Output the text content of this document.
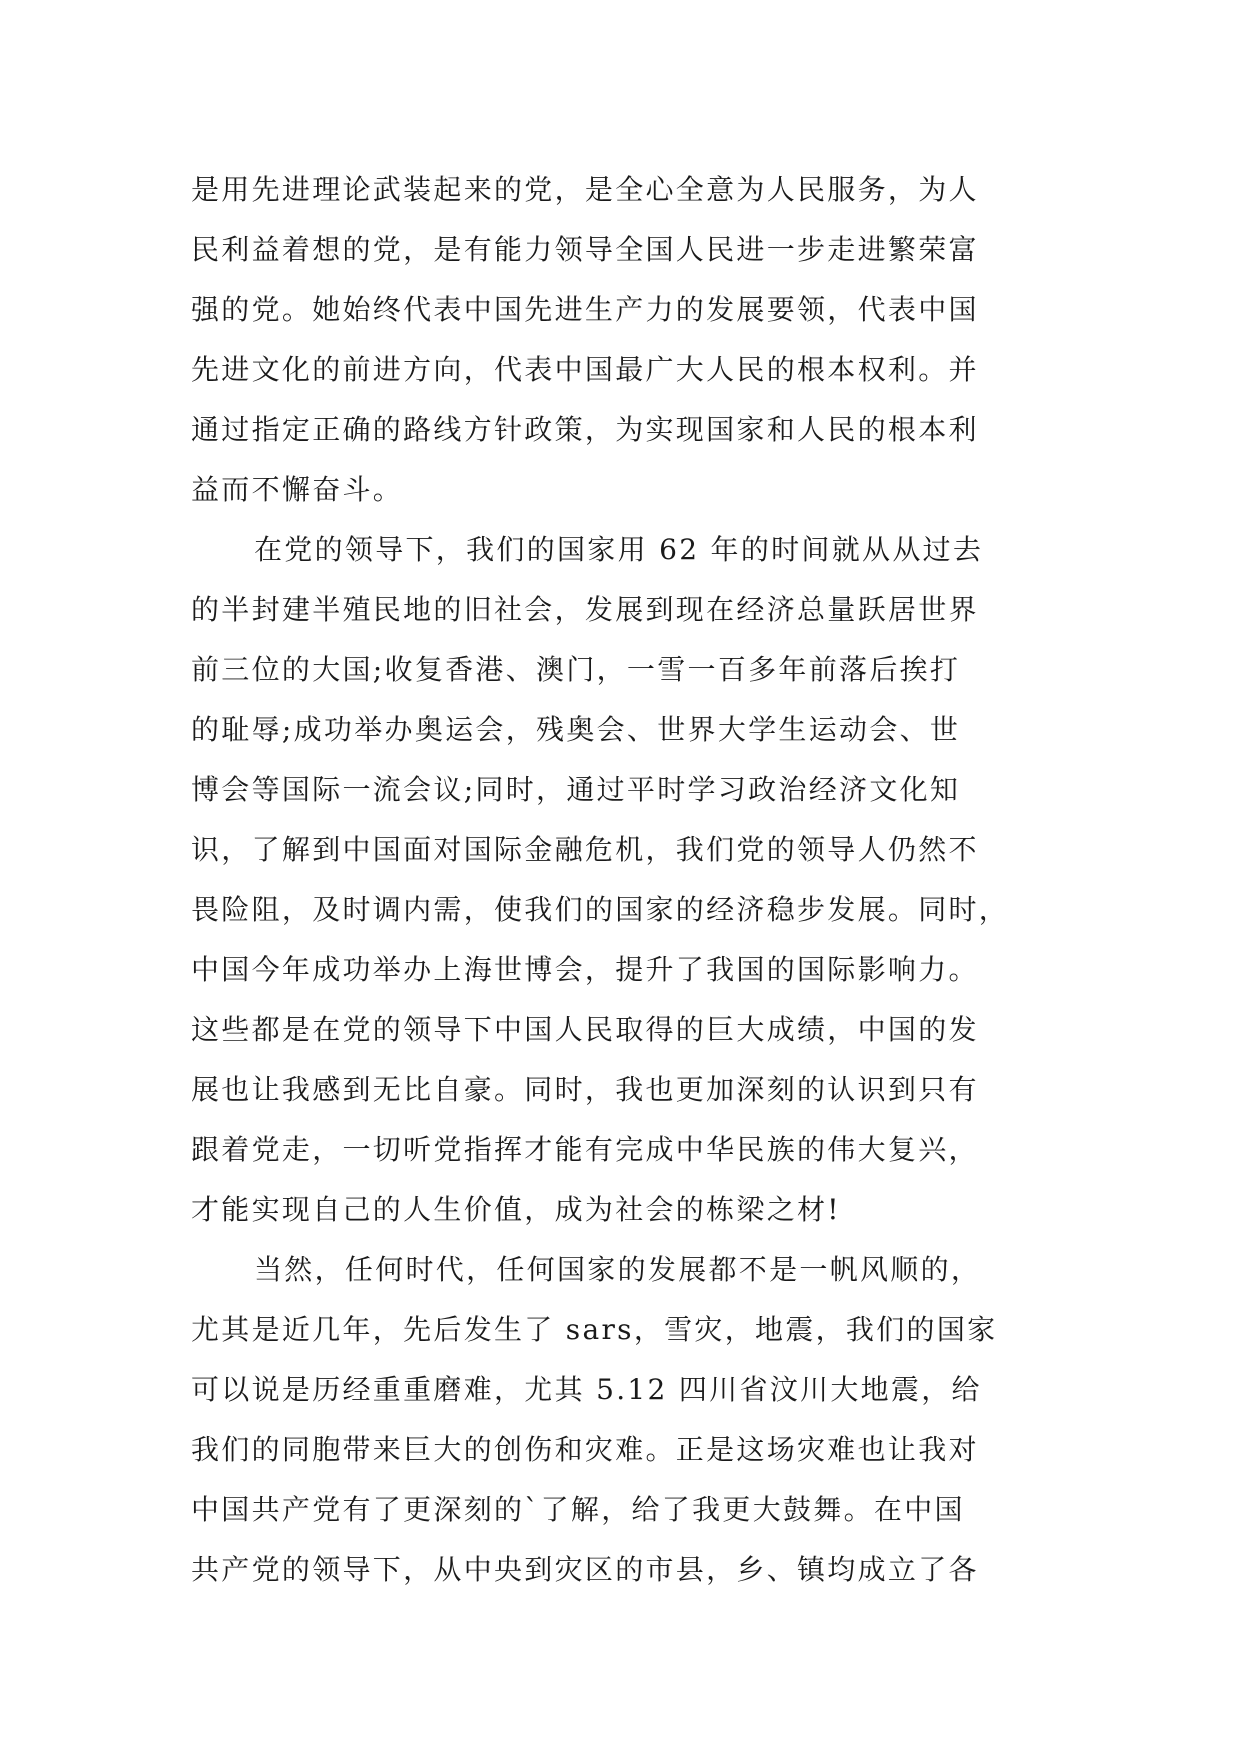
是用先进理论武装起来的党，是全心全意为人民服务，为人
民利益着想的党，是有能力领导全国人民进一步走进繁荣富
强的党。她始终代表中国先进生产力的发展要领，代表中国
先进文化的前进方向，代表中国最广大人民的根本权利。并
通过指定正确的路线方针政策，为实现国家和人民的根本利
益而不懈奋斗。
在党的领导下，我们的国家用 62 年的时间就从从过去
的半封建半殖民地的旧社会，发展到现在经济总量跃居世界
前三位的大国;收复香港、澳门，一雪一百多年前落后挨打
的耻辱;成功举办奥运会，残奥会、世界大学生运动会、世
博会等国际一流会议;同时，通过平时学习政治经济文化知
识，了解到中国面对国际金融危机，我们党的领导人仍然不
畏险阻，及时调内需，使我们的国家的经济稳步发展。同时，
中国今年成功举办上海世博会，提升了我国的国际影响力。
这些都是在党的领导下中国人民取得的巨大成绩，中国的发
展也让我感到无比自豪。同时，我也更加深刻的认识到只有
跟着党走，一切听党指挥才能有完成中华民族的伟大复兴，
才能实现自己的人生价值，成为社会的栋梁之材!
当然，任何时代，任何国家的发展都不是一帆风顺的，
尤其是近几年，先后发生了 sars，雪灾，地震，我们的国家
可以说是历经重重磨难，尤其 5.12 四川省汶川大地震，给
我们的同胞带来巨大的创伤和灾难。正是这场灾难也让我对
中国共产党有了更深刻的`了解，给了我更大鼓舞。在中国
共产党的领导下，从中央到灾区的市县，乡、镇均成立了各
